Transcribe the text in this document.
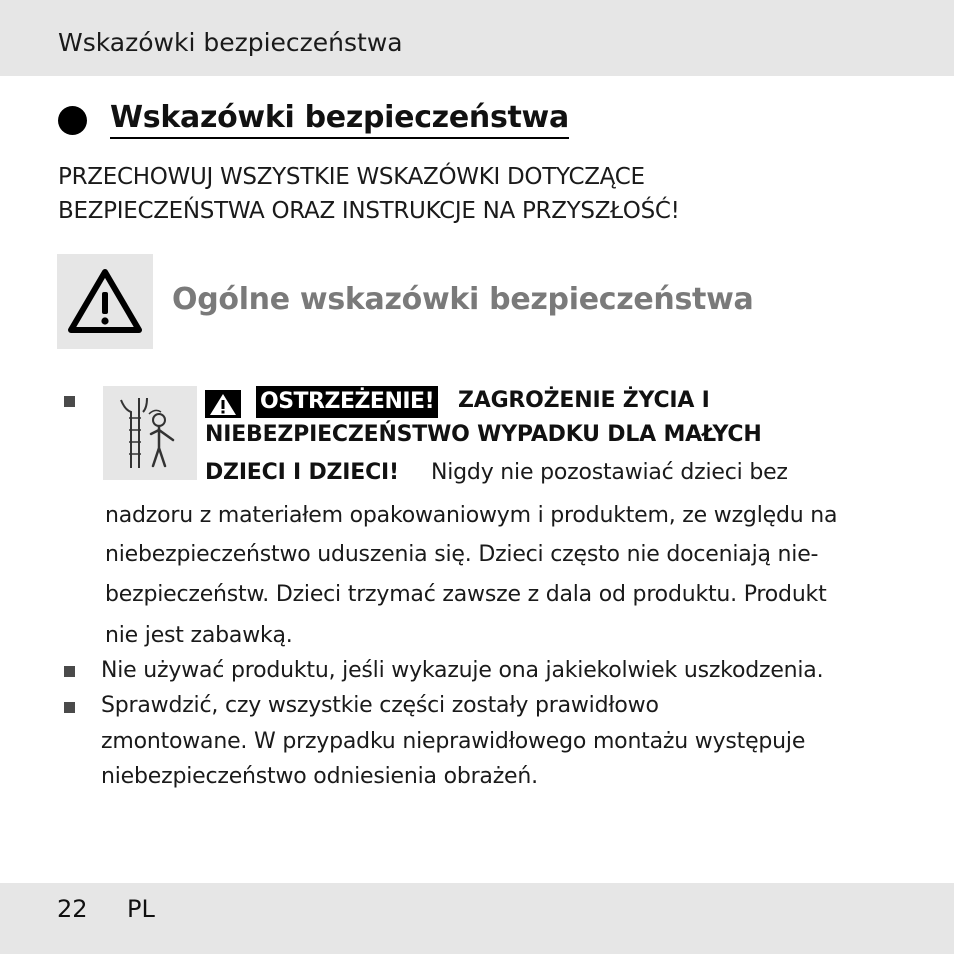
Wskazówki bezpieczeństwa
Wskazówki bezpieczeństwa
PRZECHOWUJ WSZYSTKIE WSKAZÓWKI DOTYCZĄCE
BEZPIECZEŃSTWA ORAZ INSTRUKCJE NA PRZYSZŁOŚĆ!
Ogólne wskazówki bezpieczeństwa
OSTRZEŻENIE! ZAGROŻENIE ŻYCIA I
NIEBEZPIECZEŃSTWO WYPADKU DLA MAŁYCH
DZIECI I DZIECI! Nigdy nie pozostawiać dzieci bez
nadzoru z materiałem opakowaniowym i produktem, ze względu na
niebezpieczeństwo uduszenia się. Dzieci często nie doceniają nie-
bezpieczeństw. Dzieci trzymać zawsze z dala od produktu. Produkt
nie jest zabawką.
Nie używać produktu, jeśli wykazuje ona jakiekolwiek uszkodzenia.
Sprawdzić, czy wszystkie części zostały prawidłowo
zmontowane. W przypadku nieprawidłowego montażu występuje
niebezpieczeństwo odniesienia obrażeń.
22 PL
